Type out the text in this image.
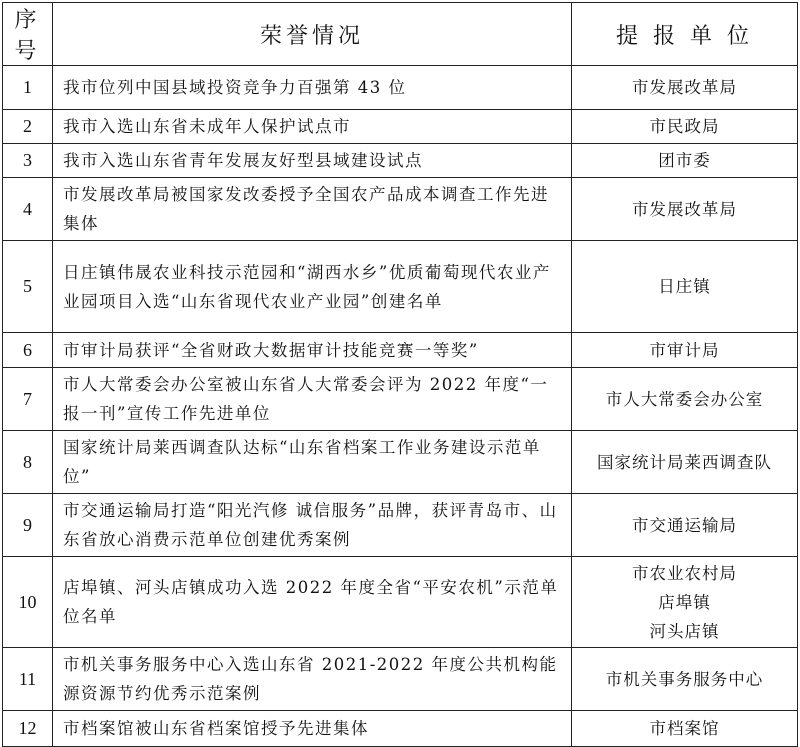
序 号	荣誉情况	提 报 单 位
1	我市位列中国县域投资竞争力百强第 43 位	市发展改革局

2	我市入选山东省未成年人保护试点市	市民政局

3	我市入选山东省青年发展友好型县域建设试点	团市委

4	市发展改革局被国家发改委授予全国农产品成本调查工作先进集体	市发展改革局

5	日庄镇伟晟农业科技示范园和“湖西水乡”优质葡萄现代农业产业园项目入选“山东省现代农业产业园”创建名单	日庄镇

6	市审计局获评“全省财政大数据审计技能竞赛一等奖”	市审计局

7	市人大常委会办公室被山东省人大常委会评为 2022 年度“一报一刊”宣传工作先进单位	市人大常委会办公室

8	国家统计局莱西调查队达标“山东省档案工作业务建设示范单位”	国家统计局莱西调查队

9	市交通运输局打造“阳光汽修 诚信服务”品牌，获评青岛市、山东省放心消费示范单位创建优秀案例	市交通运输局

10	店埠镇、河头店镇成功入选 2022 年度全省“平安农机”示范单位名单	市农业农村局
店埠镇
河头店镇

11	市机关事务服务中心入选山东省 2021-2022 年度公共机构能源资源节约优秀示范案例	市机关事务服务中心

12	市档案馆被山东省档案馆授予先进集体	市档案馆
